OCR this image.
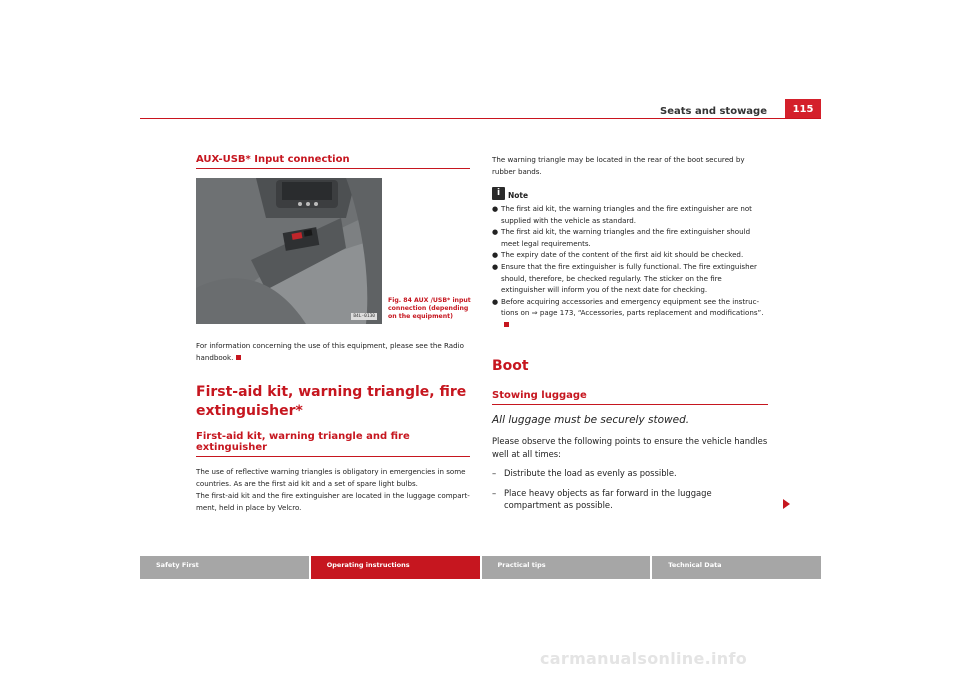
Seats and stowage	115
AUX-USB* Input connection
B4L-0130
Fig. 84 AUX /USB* input connection (depending on the equipment)

For information concerning the use of this equipment, please see the Radio handbook.

First-aid kit, warning triangle, fire extinguisher*
First-aid kit, warning triangle and fire extinguisher

The use of reflective warning triangles is obligatory in emergencies in some countries. As are the first aid kit and a set of spare light bulbs.

The first-aid kit and the fire extinguisher are located in the luggage compartment, held in place by Velcro.

The warning triangle may be located in the rear of the boot secured by rubber bands.

i	Note
● The first aid kit, the warning triangles and the fire extinguisher are not supplied with the vehicle as standard.
● The first aid kit, the warning triangles and the fire extinguisher should meet legal requirements.
● The expiry date of the content of the first aid kit should be checked.
● Ensure that the fire extinguisher is fully functional. The fire extinguisher should, therefore, be checked regularly. The sticker on the fire extinguisher will inform you of the next date for checking.
● Before acquiring accessories and emergency equipment see the instructions on ⇒ page 173, “Accessories, parts replacement and modifications”.
Boot
Stowing luggage
All luggage must be securely stowed.

Please observe the following points to ensure the vehicle handles well at all times:

– Distribute the load as evenly as possible.
– Place heavy objects as far forward in the luggage compartment as possible.
Safety First	Operating instructions	Practical tips	Technical Data
carmanualsonline.info
